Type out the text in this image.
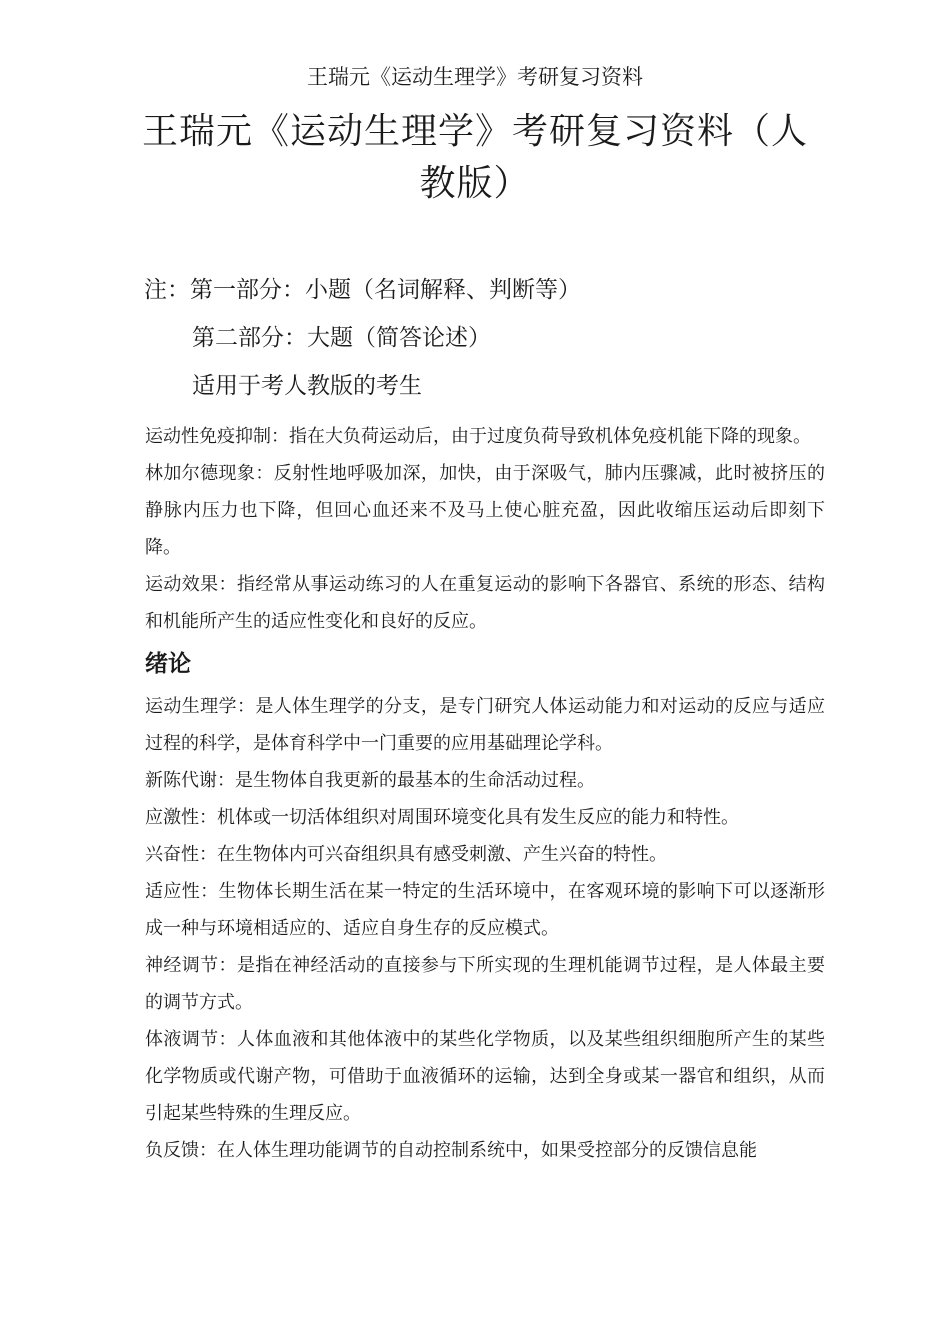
王瑞元《运动生理学》考研复习资料
王瑞元《运动生理学》考研复习资料（人
教版）
注：第一部分：小题（名词解释、判断等）
第二部分：大题（简答论述）
适用于考人教版的考生

运动性免疫抑制：指在大负荷运动后，由于过度负荷导致机体免疫机能下降的现象。

林加尔德现象：反射性地呼吸加深，加快，由于深吸气，肺内压骤减，此时被挤压的静脉内压力也下降，但回心血还来不及马上使心脏充盈，因此收缩压运动后即刻下降。

运动效果：指经常从事运动练习的人在重复运动的影响下各器官、系统的形态、结构和机能所产生的适应性变化和良好的反应。

绪论

运动生理学：是人体生理学的分支，是专门研究人体运动能力和对运动的反应与适应过程的科学，是体育科学中一门重要的应用基础理论学科。

新陈代谢：是生物体自我更新的最基本的生命活动过程。

应激性：机体或一切活体组织对周围环境变化具有发生反应的能力和特性。

兴奋性：在生物体内可兴奋组织具有感受刺激、产生兴奋的特性。

适应性：生物体长期生活在某一特定的生活环境中，在客观环境的影响下可以逐渐形成一种与环境相适应的、适应自身生存的反应模式。

神经调节：是指在神经活动的直接参与下所实现的生理机能调节过程，是人体最主要的调节方式。

体液调节：人体血液和其他体液中的某些化学物质，以及某些组织细胞所产生的某些化学物质或代谢产物，可借助于血液循环的运输，达到全身或某一器官和组织，从而引起某些特殊的生理反应。

负反馈：在人体生理功能调节的自动控制系统中，如果受控部分的反馈信息能
